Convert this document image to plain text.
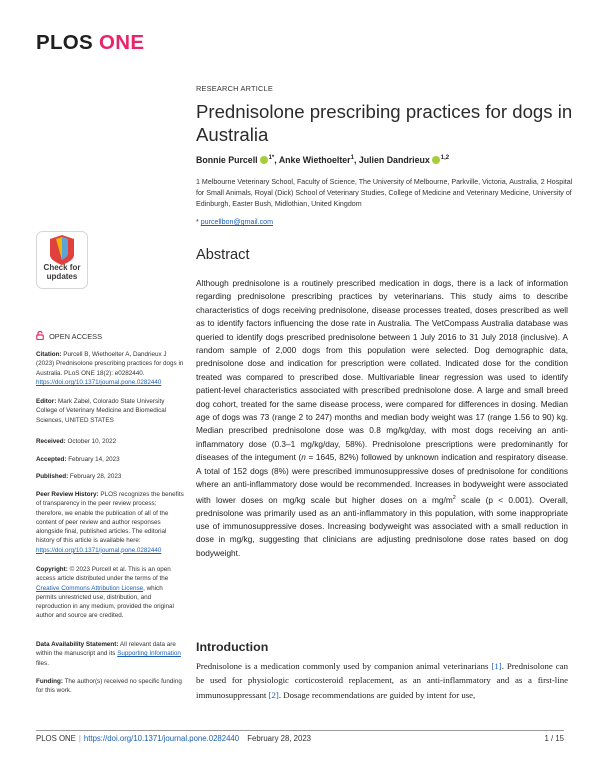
PLOS ONE
Check for updates
OPEN ACCESS
Citation: Purcell B, Wiethoelter A, Dandrieux J (2023) Prednisolone prescribing practices for dogs in Australia. PLoS ONE 18(2): e0282440. https://doi.org/10.1371/journal.pone.0282440
Editor: Mark Zabel, Colorado State University College of Veterinary Medicine and Biomedical Sciences, UNITED STATES
Received: October 10, 2022
Accepted: February 14, 2023
Published: February 28, 2023
Peer Review History: PLOS recognizes the benefits of transparency in the peer review process; therefore, we enable the publication of all of the content of peer review and author responses alongside final, published articles. The editorial history of this article is available here: https://doi.org/10.1371/journal.pone.0282440
Copyright: © 2023 Purcell et al. This is an open access article distributed under the terms of the Creative Commons Attribution License, which permits unrestricted use, distribution, and reproduction in any medium, provided the original author and source are credited.
Data Availability Statement: All relevant data are within the manuscript and its Supporting Information files.
Funding: The author(s) received no specific funding for this work.
RESEARCH ARTICLE
Prednisolone prescribing practices for dogs in Australia
Bonnie Purcell $^{1*}$, Anke Wiethoelter$^1$, Julien Dandrieux $^{1,2}$
1 Melbourne Veterinary School, Faculty of Science, The University of Melbourne, Parkville, Victoria, Australia, 2 Hospital for Small Animals, Royal (Dick) School of Veterinary Studies, College of Medicine and Veterinary Medicine, University of Edinburgh, Easter Bush, Midlothian, United Kingdom
* purcellbon@gmail.com
Abstract
Although prednisolone is a routinely prescribed medication in dogs, there is a lack of information regarding prednisolone prescribing practices by veterinarians. This study aims to describe characteristics of dogs receiving prednisolone, disease processes treated, doses prescribed as well as to identify factors influencing the dose rate in Australia. The VetCompass Australia database was queried to identify dogs prescribed prednisolone between 1 July 2016 to 31 July 2018 (inclusive). A random sample of 2,000 dogs from this population were selected. Dog demographic data, prednisolone dose and indication for prescription were collated. Indicated dose for the condition treated was compared to prescribed dose. Multivariable linear regression was used to identify patient-level characteristics associated with prescribed prednisolone dose. A large and small breed dog cohort, treated for the same disease process, were compared for differences in dosing. Median age of dogs was 73 (range 2 to 247) months and median body weight was 17 (range 1.56 to 90) kg. Median prescribed prednisolone dose was 0.8 mg/kg/day, with most dogs receiving an anti-inflammatory dose (0.3–1 mg/kg/day, 58%). Prednisolone prescriptions were predominantly for diseases of the integument (n = 1645, 82%) followed by unknown indication and respiratory disease. A total of 152 dogs (8%) were prescribed immunosuppressive doses of prednisolone for conditions where an anti-inflammatory dose would be recommended. Increases in bodyweight were associated with lower doses on mg/kg scale but higher doses on a $mg/m^2$ scale (p < 0.001). Overall, prednisolone was primarily used as an anti-inflammatory in this population, with some inappropriate use of immunosuppressive doses. Increasing bodyweight was associated with a small reduction in dose in mg/kg, suggesting that clinicians are adjusting prednisolone dose rates based on dog bodyweight.
Introduction
Prednisolone is a medication commonly used by companion animal veterinarians [1]. Prednisolone can be used for physiologic corticosteroid replacement, as an anti-inflammatory and as a first-line immunosuppressant [2]. Dosage recommendations are guided by intent for use,
PLOS ONE | https://doi.org/10.1371/journal.pone.0282440 February 28, 2023	1 / 15
